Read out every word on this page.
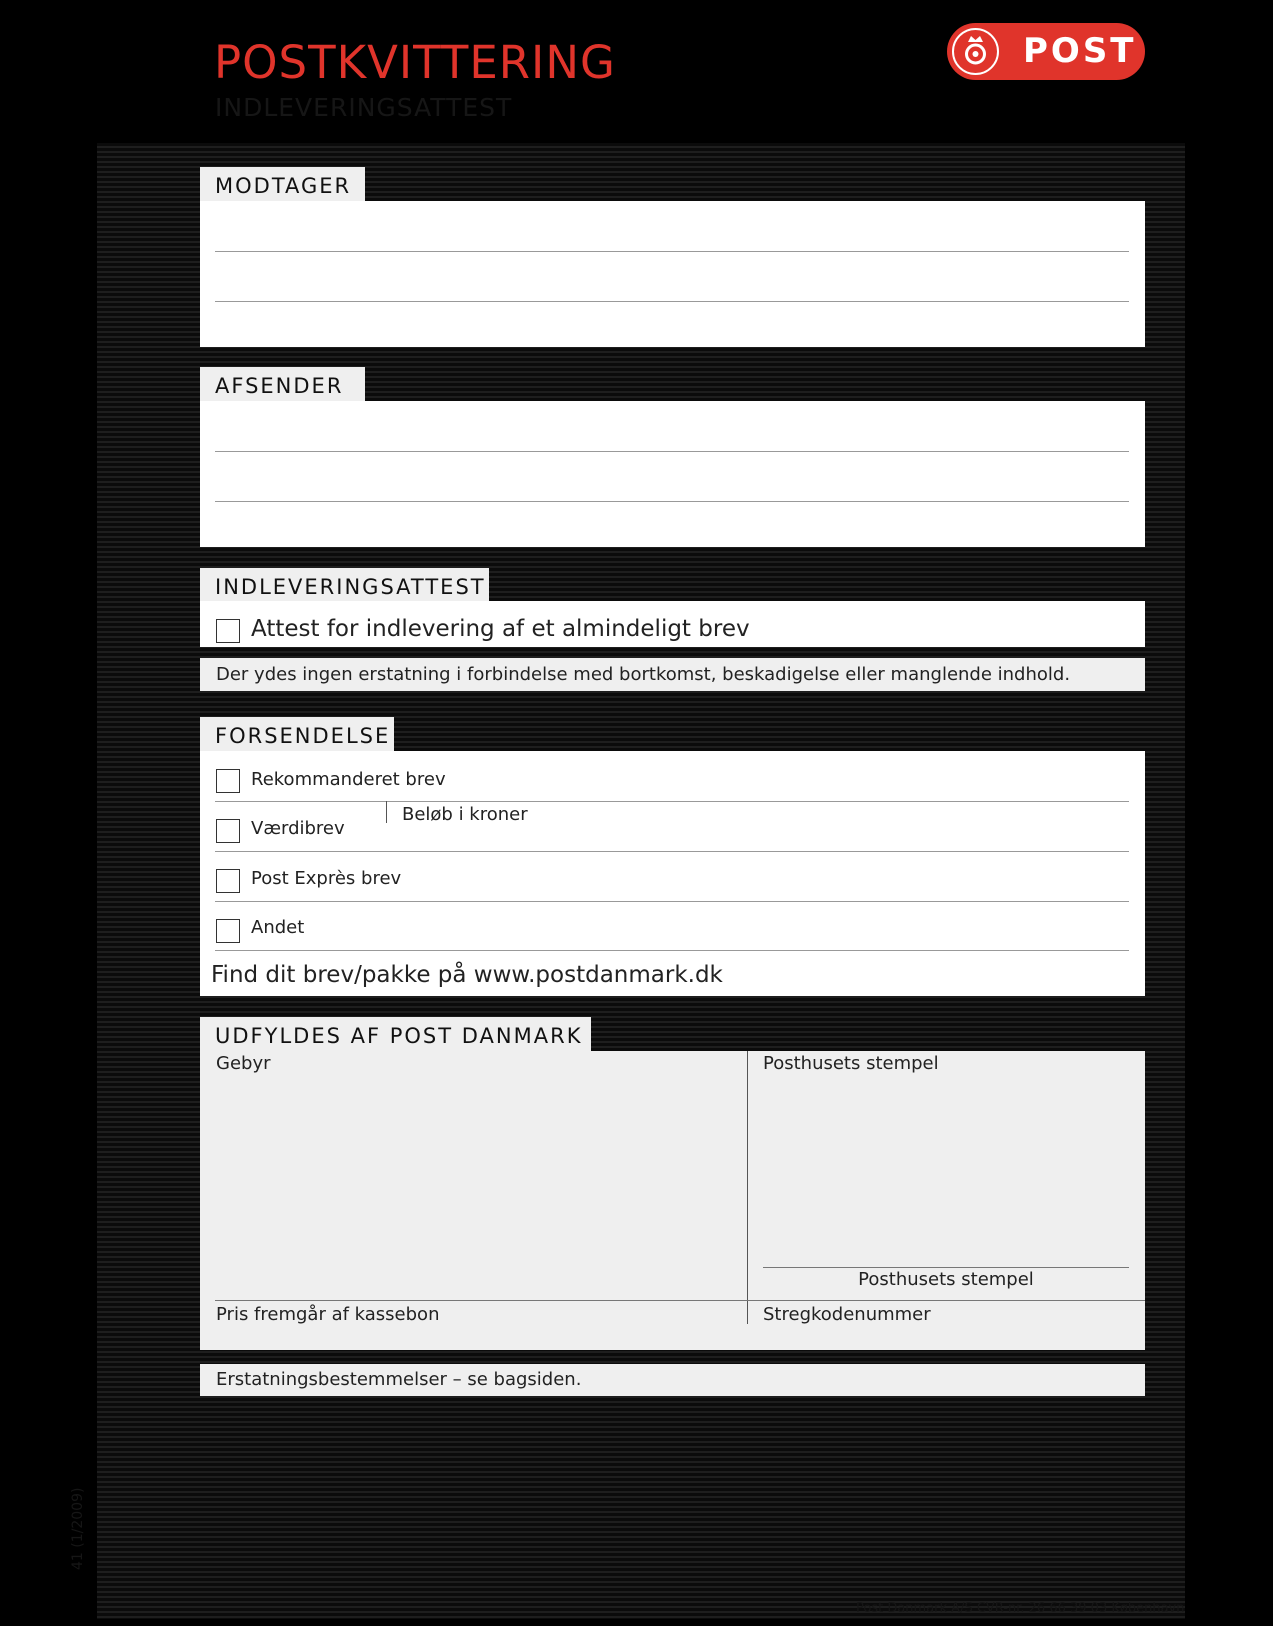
POSTKVITTERING
INDLEVERINGSATTEST
POST
MODTAGER
AFSENDER
INDLEVERINGSATTEST
Attest for indlevering af et almindeligt brev
Der ydes ingen erstatning i forbindelse med bortkomst, beskadigelse eller manglende indhold.
FORSENDELSE
Rekommanderet brev
Værdibrev
Beløb i kroner
Post Exprès brev
Andet
Find dit brev/pakke på www.postdanmark.dk
UDFYLDES AF POST DANMARK
Gebyr	Posthusets stempel
Posthusets stempel
Pris fremgår af kassebon	Stregkodenummer
Erstatningsbestemmelser – se bagsiden.
Post Danmark A/S CVR-nr. 26 66 39 03 København
41 (1/2009)
